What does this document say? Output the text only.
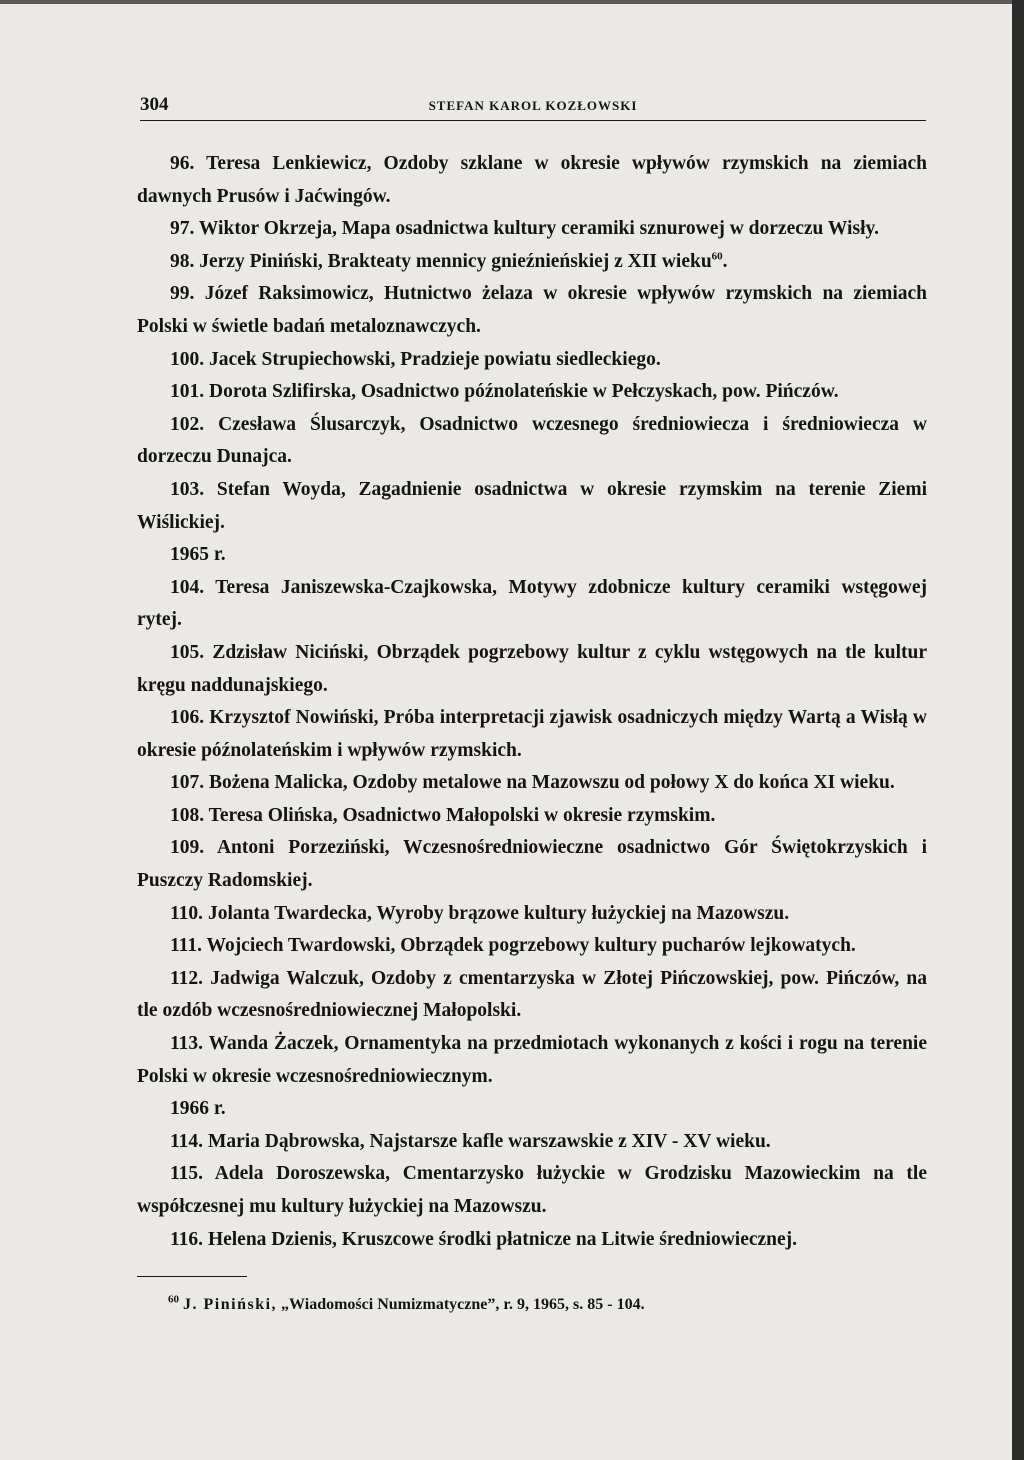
304	STEFAN KAROL KOZŁOWSKI

96. Teresa Lenkiewicz, Ozdoby szklane w okresie wpływów rzymskich na ziemiach dawnych Prusów i Jaćwingów.

97. Wiktor Okrzeja, Mapa osadnictwa kultury ceramiki sznurowej w dorzeczu Wisły.

98. Jerzy Piniński, Brakteaty mennicy gnieźnieńskiej z XII wieku$^{60}$.

99. Józef Raksimowicz, Hutnictwo żelaza w okresie wpływów rzymskich na ziemiach Polski w świetle badań metaloznawczych.

100. Jacek Strupiechowski, Pradzieje powiatu siedleckiego.

101. Dorota Szlifirska, Osadnictwo późnolateńskie w Pełczyskach, pow. Pińczów.

102. Czesława Ślusarczyk, Osadnictwo wczesnego średniowiecza i średniowiecza w dorzeczu Dunajca.

103. Stefan Woyda, Zagadnienie osadnictwa w okresie rzymskim na terenie Ziemi Wiślickiej.

1965 r.

104. Teresa Janiszewska-Czajkowska, Motywy zdobnicze kultury ceramiki wstęgowej rytej.

105. Zdzisław Niciński, Obrządek pogrzebowy kultur z cyklu wstęgowych na tle kultur kręgu naddunajskiego.

106. Krzysztof Nowiński, Próba interpretacji zjawisk osadniczych między Wartą a Wisłą w okresie późnolateńskim i wpływów rzymskich.

107. Bożena Malicka, Ozdoby metalowe na Mazowszu od połowy X do końca XI wieku.

108. Teresa Olińska, Osadnictwo Małopolski w okresie rzymskim.

109. Antoni Porzeziński, Wczesnośredniowieczne osadnictwo Gór Świętokrzyskich i Puszczy Radomskiej.

110. Jolanta Twardecka, Wyroby brązowe kultury łużyckiej na Mazowszu.

111. Wojciech Twardowski, Obrządek pogrzebowy kultury pucharów lejkowatych.

112. Jadwiga Walczuk, Ozdoby z cmentarzyska w Złotej Pińczowskiej, pow. Pińczów, na tle ozdób wczesnośredniowiecznej Małopolski.

113. Wanda Żaczek, Ornamentyka na przedmiotach wykonanych z kości i rogu na terenie Polski w okresie wczesnośredniowiecznym.

1966 r.

114. Maria Dąbrowska, Najstarsze kafle warszawskie z XIV - XV wieku.

115. Adela Doroszewska, Cmentarzysko łużyckie w Grodzisku Mazowieckim na tle współczesnej mu kultury łużyckiej na Mazowszu.

116. Helena Dzienis, Kruszcowe środki płatnicze na Litwie średniowiecznej.

$^{60}$ J. Piniński, „Wiadomości Numizmatyczne”, r. 9, 1965, s. 85 - 104.
